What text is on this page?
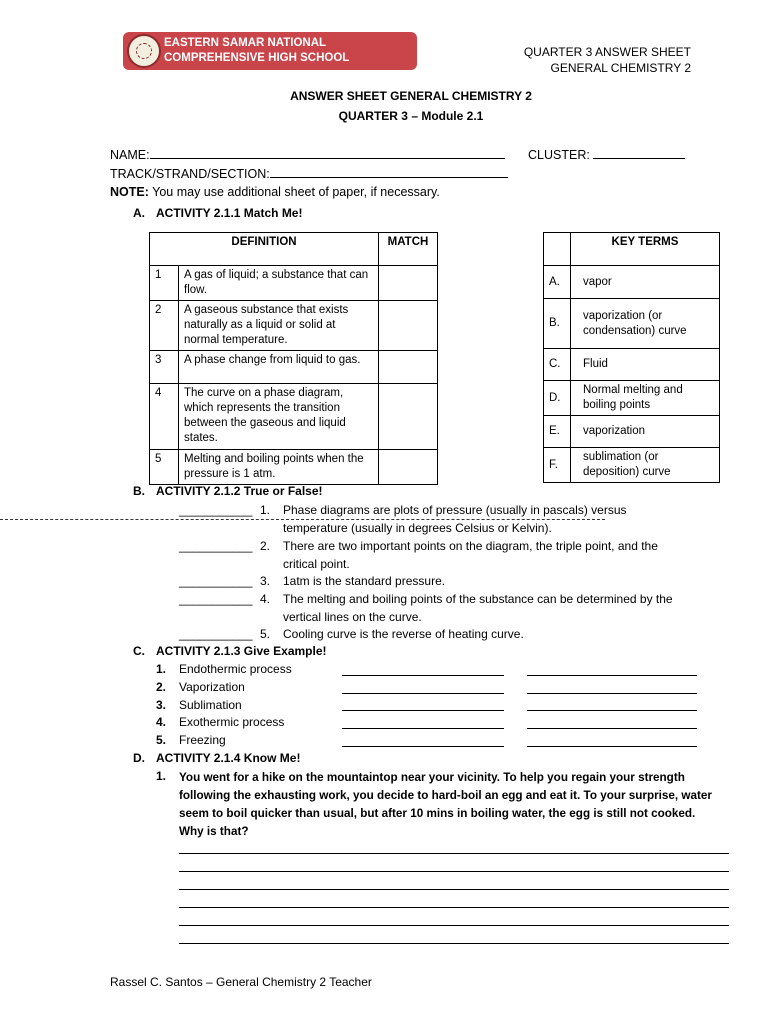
EASTERN SAMAR NATIONAL COMPREHENSIVE HIGH SCHOOL	QUARTER 3 ANSWER SHEET
GENERAL CHEMISTRY 2
ANSWER SHEET GENERAL CHEMISTRY 2
QUARTER 3 – Module 2.1
NAME:	CLUSTER:
TRACK/STRAND/SECTION:
NOTE: You may use additional sheet of paper, if necessary.
A. ACTIVITY 2.1.1 Match Me!
DEFINITION		MATCH
1	A gas of liquid; a substance that can flow.	
2	A gaseous substance that exists naturally as a liquid or solid at normal temperature.	
3	A phase change from liquid to gas.	
4	The curve on a phase diagram, which represents the transition between the gaseous and liquid states.	
5	Melting and boiling points when the pressure is 1 atm.	
	KEY TERMS
A.	vapor
B.	vaporization (or condensation) curve
C.	Fluid
D.	Normal melting and boiling points
E.	vaporization
F.	sublimation (or deposition) curve
B. ACTIVITY 2.1.2 True or False!
___________ 1. Phase diagrams are plots of pressure (usually in pascals) versus
temperature (usually in degrees Celsius or Kelvin).
___________ 2. There are two important points on the diagram, the triple point, and the
critical point.
___________ 3. 1atm is the standard pressure.
___________ 4. The melting and boiling points of the substance can be determined by the
vertical lines on the curve.
___________ 5. Cooling curve is the reverse of heating curve.
C. ACTIVITY 2.1.3 Give Example!
1. Endothermic process
2. Vaporization
3. Sublimation
4. Exothermic process
5. Freezing
D. ACTIVITY 2.1.4 Know Me!
1. You went for a hike on the mountaintop near your vicinity. To help you regain your strength following the exhausting work, you decide to hard-boil an egg and eat it. To your surprise, water seem to boil quicker than usual, but after 10 mins in boiling water, the egg is still not cooked. Why is that?
Rassel C. Santos – General Chemistry 2 Teacher
